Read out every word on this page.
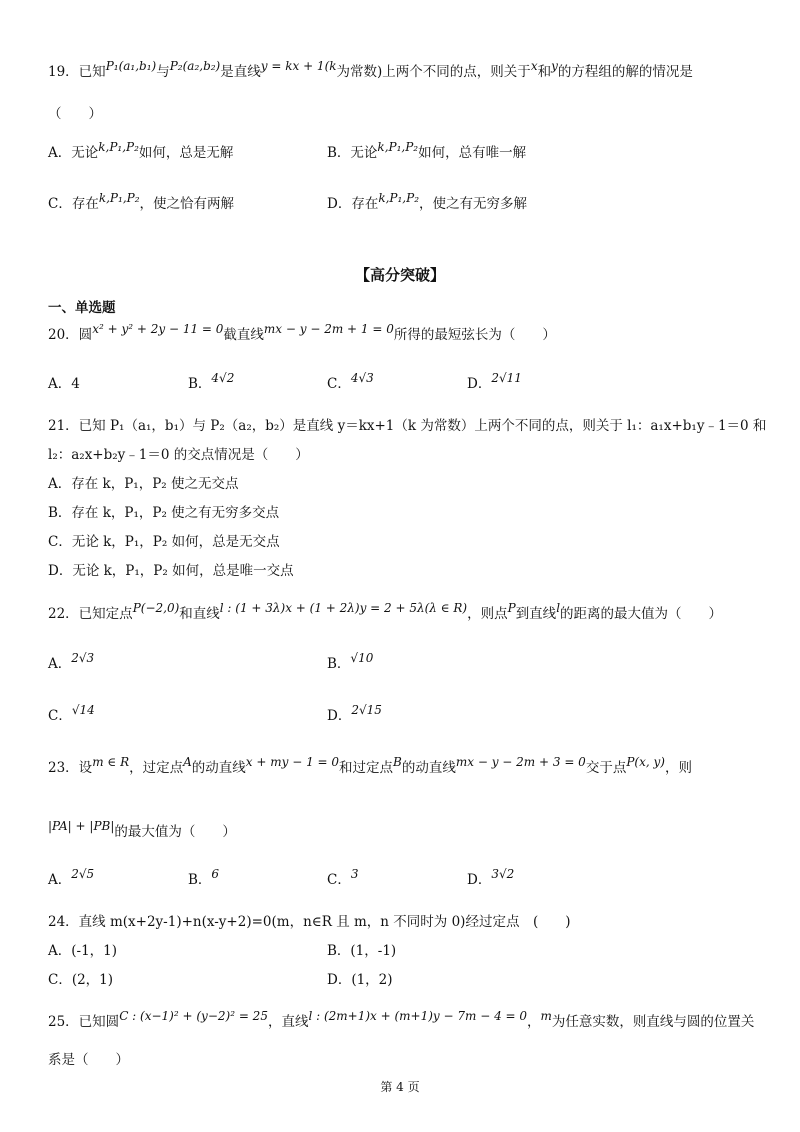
19．已知P₁(a₁,b₁)与P₂(a₂,b₂)是直线y = kx + 1(k为常数)上两个不同的点，则关于x和y的方程组的解的情况是
（　　）
A．无论k,P₁,P₂如何，总是无解	B．无论k,P₁,P₂如何，总有唯一解
C．存在k,P₁,P₂，使之恰有两解	D．存在k,P₁,P₂，使之有无穷多解
【高分突破】
一、单选题
20．圆x² + y² + 2y − 11 = 0截直线mx − y − 2m + 1 = 0所得的最短弦长为（　　）
A．4	B．4√2	C．4√3	D．2√11
21．已知 P₁（a₁，b₁）与 P₂（a₂，b₂）是直线 y＝kx+1（k 为常数）上两个不同的点，则关于 l₁：a₁x+b₁y﹣1＝0 和
l₂：a₂x+b₂y﹣1＝0 的交点情况是（　　）
A．存在 k，P₁，P₂ 使之无交点
B．存在 k，P₁，P₂ 使之有无穷多交点
C．无论 k，P₁，P₂ 如何，总是无交点
D．无论 k，P₁，P₂ 如何，总是唯一交点
22．已知定点P(−2,0)和直线l : (1 + 3λ)x + (1 + 2λ)y = 2 + 5λ(λ ∈ R)，则点P到直线l的距离的最大值为（　　）
A．2√3	B．√10
C．√14	D．2√15
23．设m ∈ R，过定点A的动直线x + my − 1 = 0和过定点B的动直线mx − y − 2m + 3 = 0交于点P(x, y)，则
|PA| + |PB|的最大值为（　　）
A．2√5	B．6	C．3	D．3√2
24．直线 m(x+2y-1)+n(x-y+2)=0(m，n∈R 且 m，n 不同时为 0)经过定点　(　　)
A．(-1，1)	B．(1，-1)
C．(2，1)	D．(1，2)
25．已知圆C : (x−1)² + (y−2)² = 25，直线l : (2m+1)x + (m+1)y − 7m − 4 = 0，m为任意实数，则直线与圆的位置关
系是（　　）
第 4 页
